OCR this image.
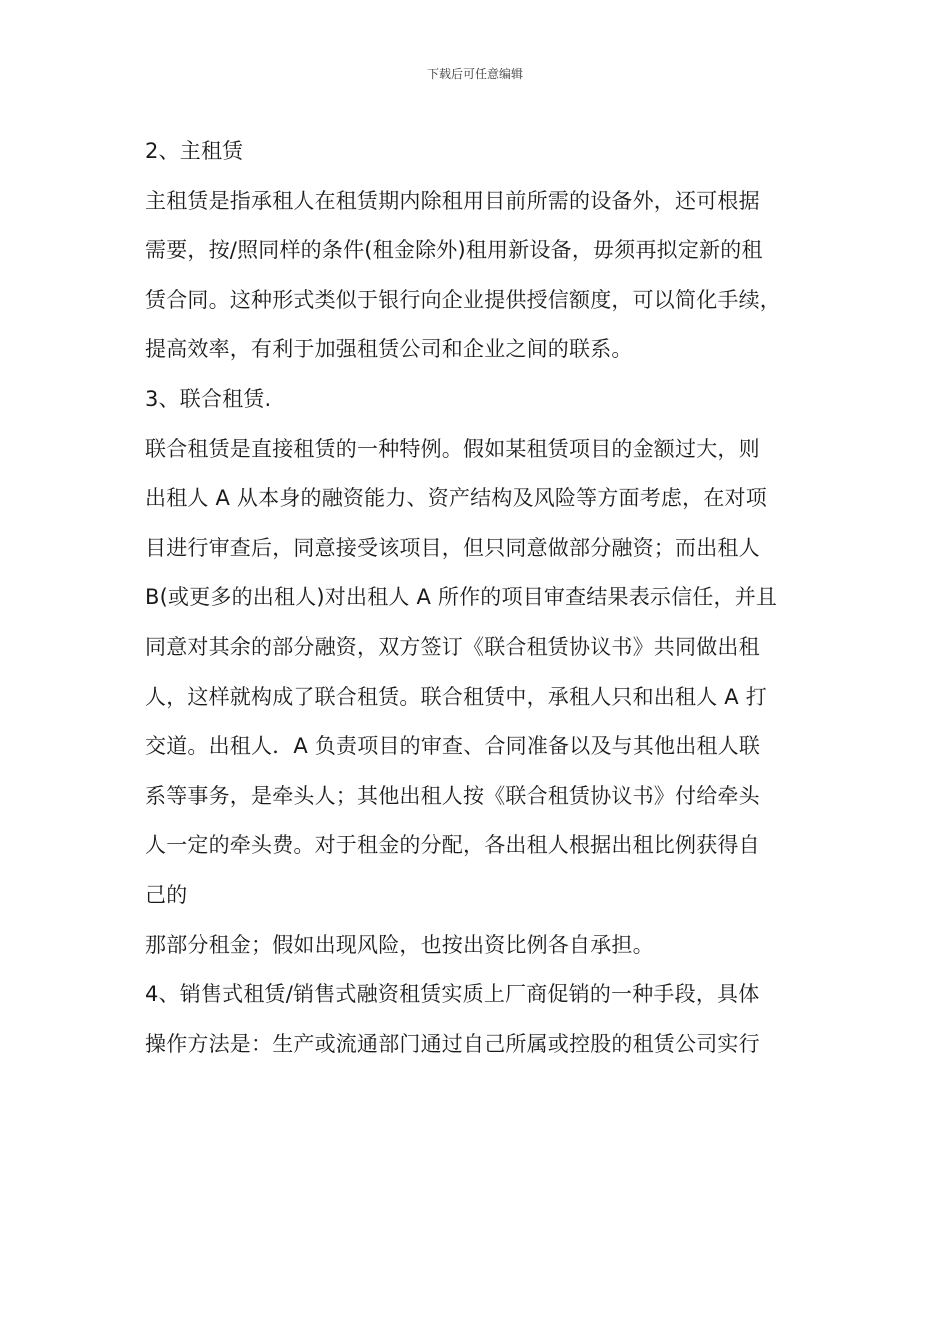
下载后可任意编辑
2、主租赁
主租赁是指承租人在租赁期内除租用目前所需的设备外，还可根据
需要，按/照同样的条件(租金除外)租用新设备，毋须再拟定新的租
赁合同。这种形式类似于银行向企业提供授信额度，可以简化手续，
提高效率，有利于加强租赁公司和企业之间的联系。
3、联合租赁.
联合租赁是直接租赁的一种特例。假如某租赁项目的金额过大，则
出租人 A 从本身的融资能力、资产结构及风险等方面考虑，在对项
目进行审查后，同意接受该项目，但只同意做部分融资；而出租人
B(或更多的出租人)对出租人 A 所作的项目审查结果表示信任，并且
同意对其余的部分融资，双方签订《联合租赁协议书》共同做出租
人，这样就构成了联合租赁。联合租赁中，承租人只和出租人 A 打
交道。出租人．A 负责项目的审查、合同准备以及与其他出租人联
系等事务，是牵头人；其他出租人按《联合租赁协议书》付给牵头
人一定的牵头费。对于租金的分配，各出租人根据出租比例获得自
己的
那部分租金；假如出现风险，也按出资比例各自承担。
4、销售式租赁/销售式融资租赁实质上厂商促销的一种手段，具体
操作方法是：生产或流通部门通过自己所属或控股的租赁公司实行
